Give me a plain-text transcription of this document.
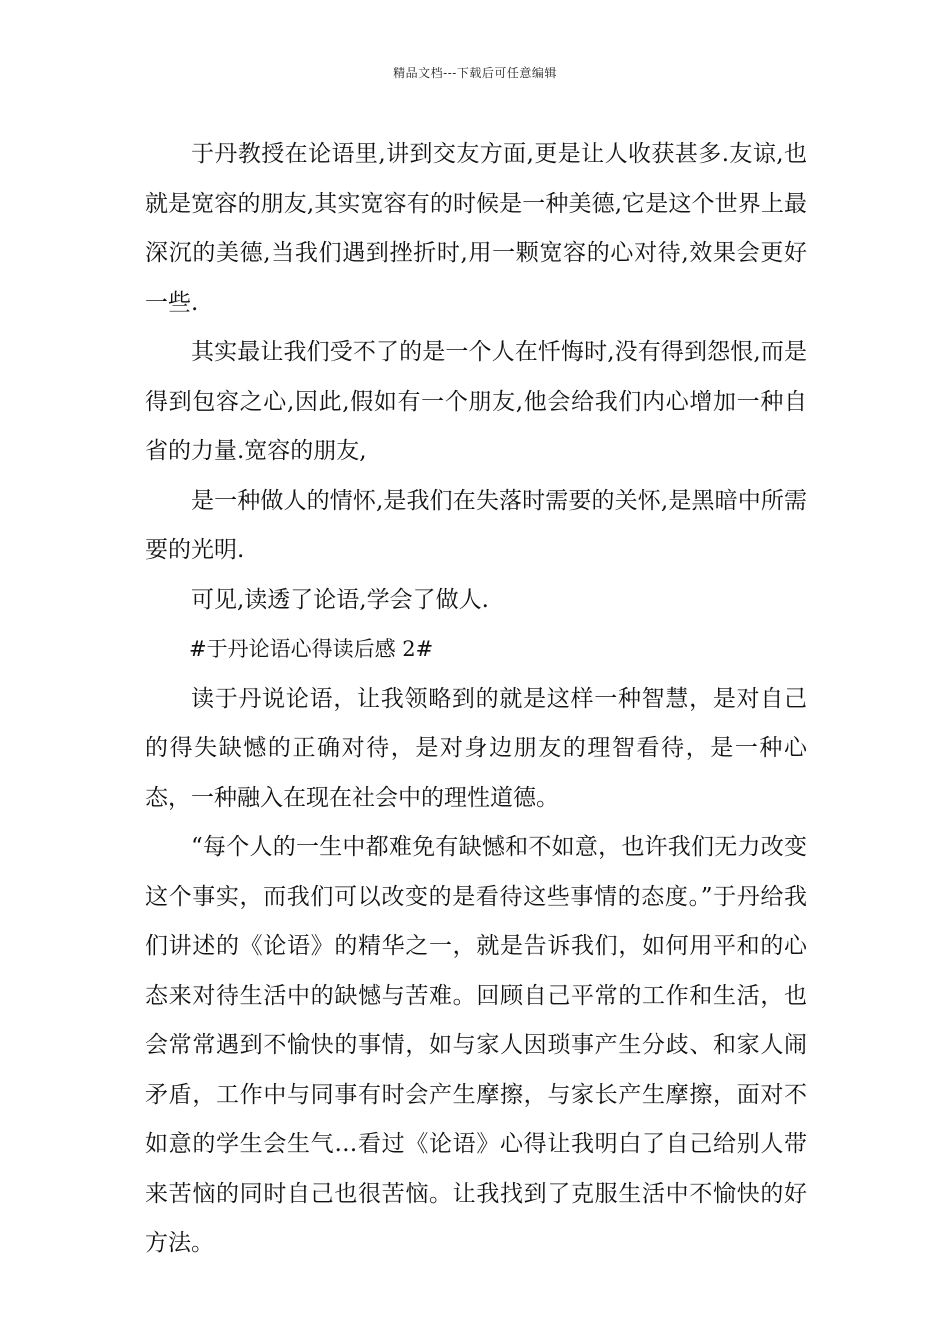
精品文档---下载后可任意编辑

于丹教授在论语里,讲到交友方面,更是让人收获甚多.友谅,也就是宽容的朋友,其实宽容有的时候是一种美德,它是这个世界上最深沉的美德,当我们遇到挫折时,用一颗宽容的心对待,效果会更好一些.

其实最让我们受不了的是一个人在忏悔时,没有得到怨恨,而是得到包容之心,因此,假如有一个朋友,他会给我们内心增加一种自省的力量.宽容的朋友,

是一种做人的情怀,是我们在失落时需要的关怀,是黑暗中所需要的光明.

可见,读透了论语,学会了做人.

#于丹论语心得读后感 2#

读于丹说论语，让我领略到的就是这样一种智慧，是对自己的得失缺憾的正确对待，是对身边朋友的理智看待，是一种心态，一种融入在现在社会中的理性道德。

“每个人的一生中都难免有缺憾和不如意，也许我们无力改变这个事实，而我们可以改变的是看待这些事情的态度。”于丹给我们讲述的《论语》的精华之一，就是告诉我们，如何用平和的心态来对待生活中的缺憾与苦难。回顾自己平常的工作和生活，也会常常遇到不愉快的事情，如与家人因琐事产生分歧、和家人闹矛盾，工作中与同事有时会产生摩擦，与家长产生摩擦，面对不如意的学生会生气…看过《论语》心得让我明白了自己给别人带来苦恼的同时自己也很苦恼。让我找到了克服生活中不愉快的好方法。
